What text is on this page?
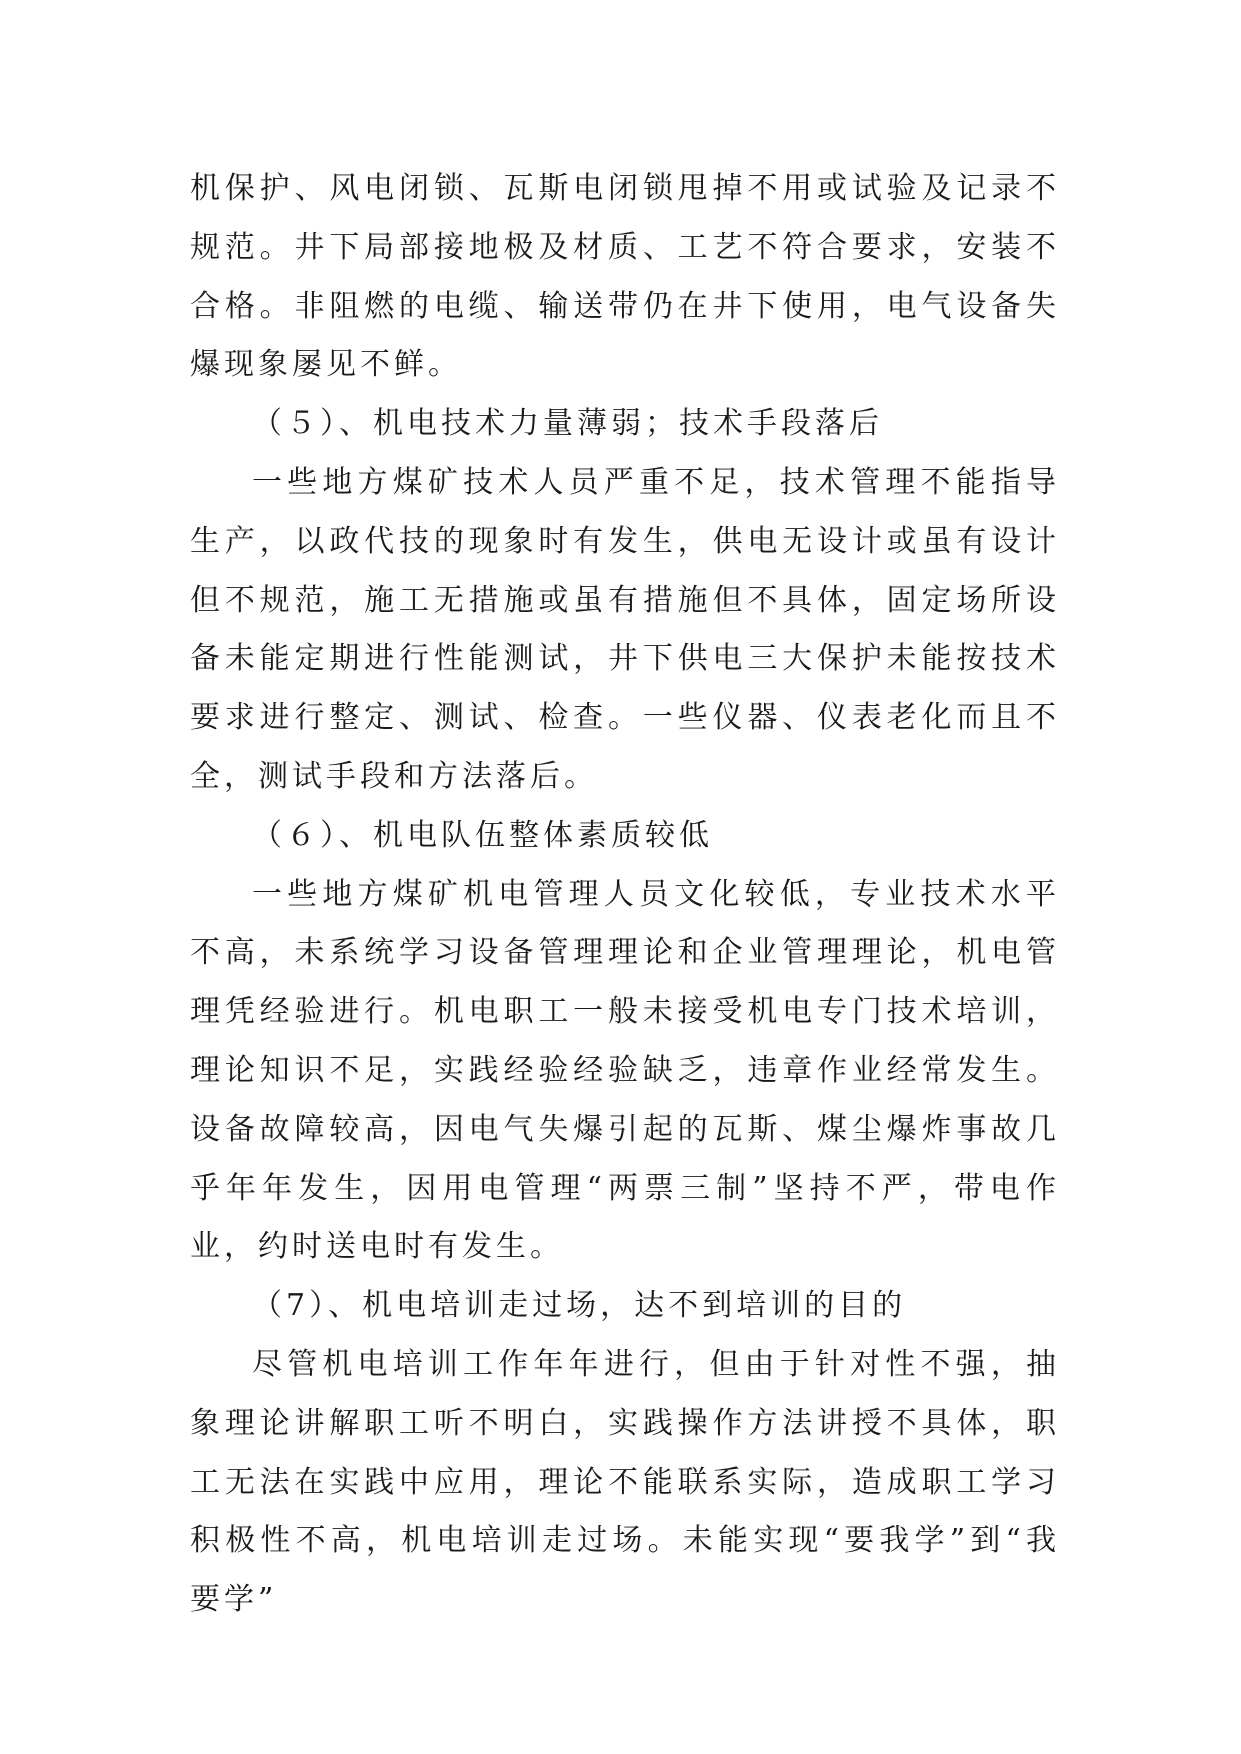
机保护、风电闭锁、瓦斯电闭锁甩掉不用或试验及记录不规范。井下局部接地极及材质、工艺不符合要求，安装不合格。非阻燃的电缆、输送带仍在井下使用，电气设备失爆现象屡见不鲜。

（５）、机电技术力量薄弱；技术手段落后

一些地方煤矿技术人员严重不足，技术管理不能指导生产，以政代技的现象时有发生，供电无设计或虽有设计但不规范，施工无措施或虽有措施但不具体，固定场所设备未能定期进行性能测试，井下供电三大保护未能按技术要求进行整定、测试、检查。一些仪器、仪表老化而且不全，测试手段和方法落后。

（６）、机电队伍整体素质较低

一些地方煤矿机电管理人员文化较低，专业技术水平不高，未系统学习设备管理理论和企业管理理论，机电管理凭经验进行。机电职工一般未接受机电专门技术培训，理论知识不足，实践经验经验缺乏，违章作业经常发生。设备故障较高，因电气失爆引起的瓦斯、煤尘爆炸事故几乎年年发生，因用电管理“两票三制”坚持不严，带电作业，约时送电时有发生。

（7）、机电培训走过场，达不到培训的目的

尽管机电培训工作年年进行，但由于针对性不强，抽象理论讲解职工听不明白，实践操作方法讲授不具体，职工无法在实践中应用，理论不能联系实际，造成职工学习积极性不高，机电培训走过场。未能实现“要我学”到“我要学”
